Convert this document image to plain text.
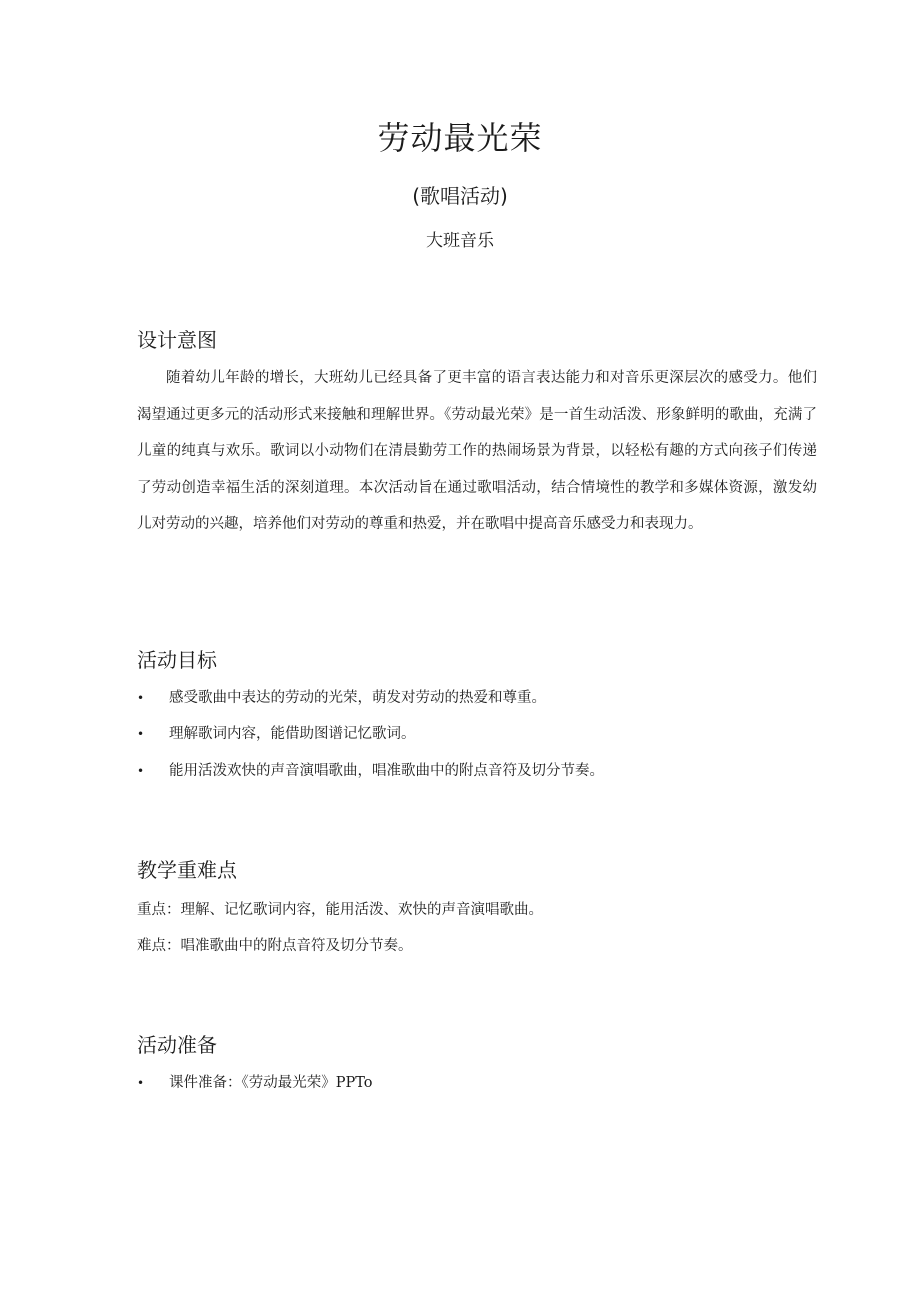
劳动最光荣
(歌唱活动)
大班音乐
设计意图
随着幼儿年龄的增长，大班幼儿已经具备了更丰富的语言表达能力和对音乐更深层次的感受力。他们渴望通过更多元的活动形式来接触和理解世界。《劳动最光荣》是一首生动活泼、形象鲜明的歌曲，充满了儿童的纯真与欢乐。歌词以小动物们在清晨勤劳工作的热闹场景为背景，以轻松有趣的方式向孩子们传递了劳动创造幸福生活的深刻道理。本次活动旨在通过歌唱活动，结合情境性的教学和多媒体资源，激发幼儿对劳动的兴趣，培养他们对劳动的尊重和热爱，并在歌唱中提高音乐感受力和表现力。
活动目标
• 感受歌曲中表达的劳动的光荣，萌发对劳动的热爱和尊重。
• 理解歌词内容，能借助图谱记忆歌词。
• 能用活泼欢快的声音演唱歌曲，唱准歌曲中的附点音符及切分节奏。
教学重难点
重点：理解、记忆歌词内容，能用活泼、欢快的声音演唱歌曲。
难点：唱准歌曲中的附点音符及切分节奏。
活动准备
• 课件准备：《劳动最光荣》PPTo
